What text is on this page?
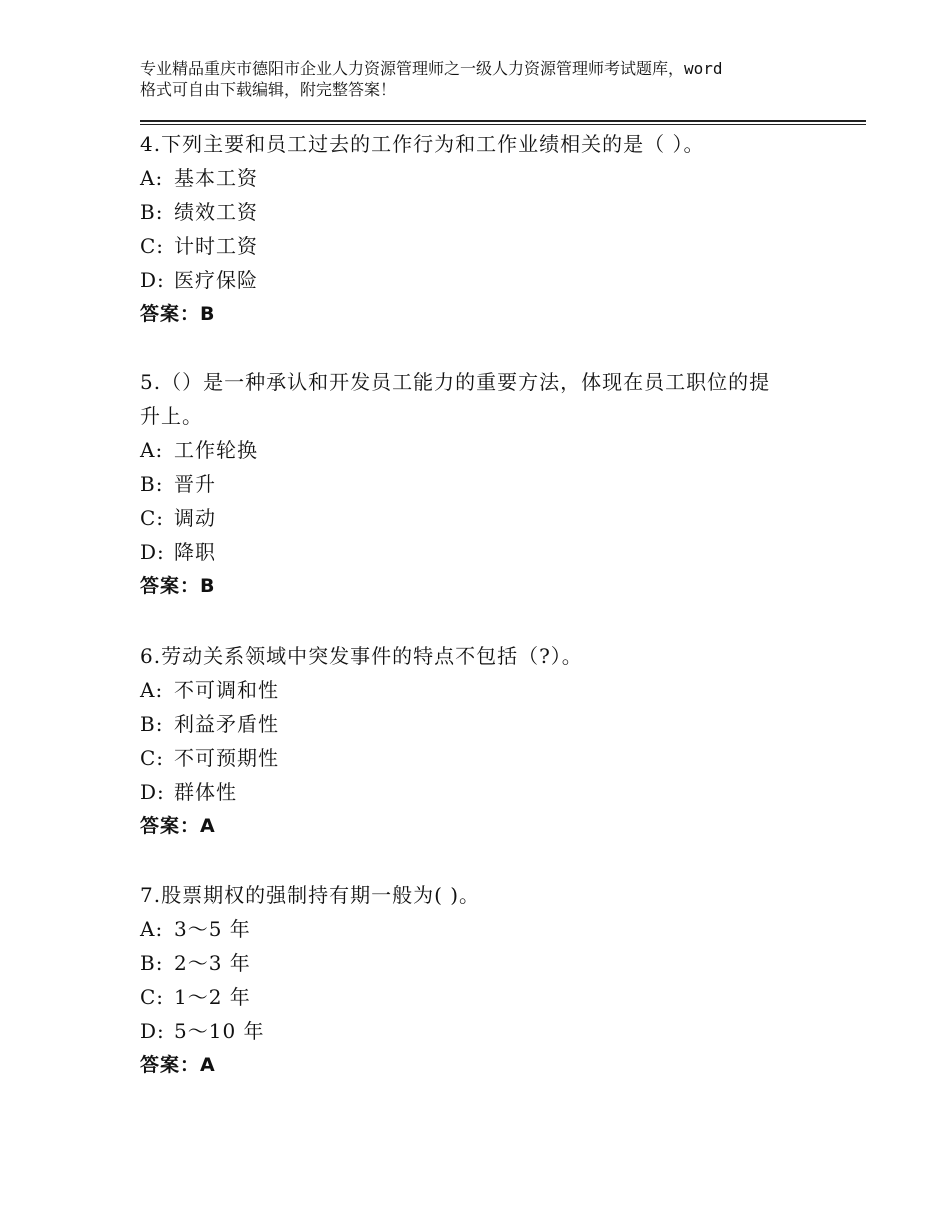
专业精品重庆市德阳市企业人力资源管理师之一级人力资源管理师考试题库，word
格式可自由下载编辑，附完整答案！

4.下列主要和员工过去的工作行为和工作业绩相关的是（ ）。

A: 基本工资

B: 绩效工资

C: 计时工资

D: 医疗保险

答案：B

5.（）是一种承认和开发员工能力的重要方法，体现在员工职位的提

升上。

A: 工作轮换

B: 晋升

C: 调动

D: 降职

答案：B

6.劳动关系领域中突发事件的特点不包括（?）。

A: 不可调和性

B: 利益矛盾性

C: 不可预期性

D: 群体性

答案：A

7.股票期权的强制持有期一般为( )。

A: 3～5 年

B: 2～3 年

C: 1～2 年

D: 5～10 年

答案：A
